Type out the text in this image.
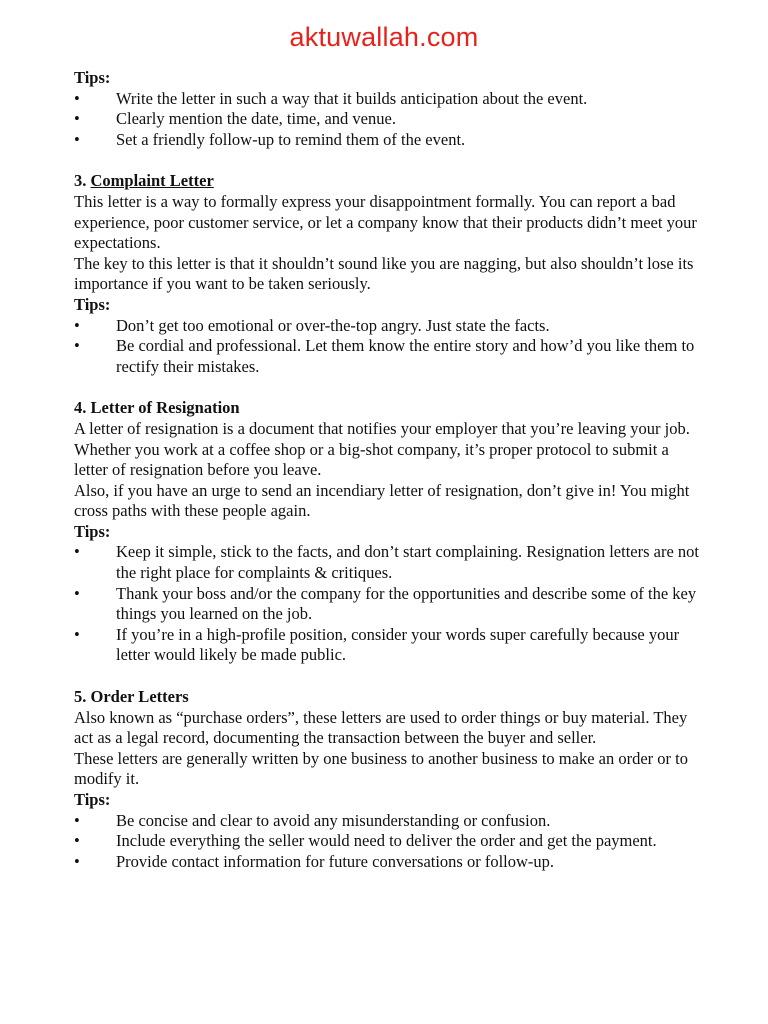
aktuwallah.com
Tips:
• Write the letter in such a way that it builds anticipation about the event.
• Clearly mention the date, time, and venue.
• Set a friendly follow-up to remind them of the event.
3. Complaint Letter

This letter is a way to formally express your disappointment formally. You can report a bad experience, poor customer service, or let a company know that their products didn’t meet your expectations.

The key to this letter is that it shouldn’t sound like you are nagging, but also shouldn’t lose its importance if you want to be taken seriously.

Tips:
• Don’t get too emotional or over-the-top angry. Just state the facts.
• Be cordial and professional. Let them know the entire story and how’d you like them to rectify their mistakes.
4. Letter of Resignation

A letter of resignation is a document that notifies your employer that you’re leaving your job. Whether you work at a coffee shop or a big-shot company, it’s proper protocol to submit a letter of resignation before you leave.

Also, if you have an urge to send an incendiary letter of resignation, don’t give in! You might cross paths with these people again.

Tips:
• Keep it simple, stick to the facts, and don’t start complaining. Resignation letters are not the right place for complaints & critiques.
• Thank your boss and/or the company for the opportunities and describe some of the key things you learned on the job.
• If you’re in a high-profile position, consider your words super carefully because your letter would likely be made public.
5. Order Letters

Also known as “purchase orders”, these letters are used to order things or buy material. They act as a legal record, documenting the transaction between the buyer and seller.

These letters are generally written by one business to another business to make an order or to modify it.

Tips:
• Be concise and clear to avoid any misunderstanding or confusion.
• Include everything the seller would need to deliver the order and get the payment.
• Provide contact information for future conversations or follow-up.
